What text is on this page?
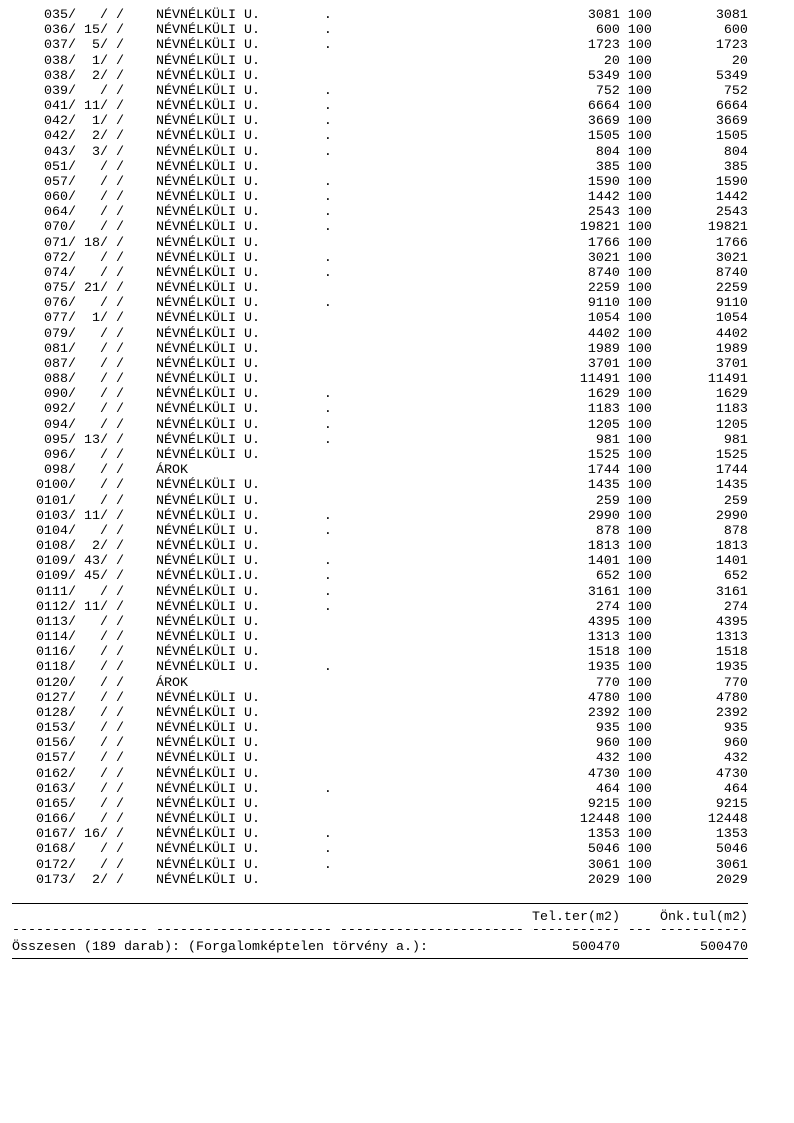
035/   / /    NÉVNÉLKÜLI U.        .                                3081 100        3081
036/ 15/ /    NÉVNÉLKÜLI U.        .                                 600 100         600
037/  5/ /    NÉVNÉLKÜLI U.        .                                1723 100        1723
038/  1/ /    NÉVNÉLKÜLI U.                                           20 100          20
038/  2/ /    NÉVNÉLKÜLI U.                                         5349 100        5349
039/   / /    NÉVNÉLKÜLI U.        .                                 752 100         752
041/ 11/ /    NÉVNÉLKÜLI U.        .                                6664 100        6664
042/  1/ /    NÉVNÉLKÜLI U.        .                                3669 100        3669
042/  2/ /    NÉVNÉLKÜLI U.        .                                1505 100        1505
043/  3/ /    NÉVNÉLKÜLI U.        .                                 804 100         804
051/   / /    NÉVNÉLKÜLI U.                                          385 100         385
057/   / /    NÉVNÉLKÜLI U.        .                                1590 100        1590
060/   / /    NÉVNÉLKÜLI U.        .                                1442 100        1442
064/   / /    NÉVNÉLKÜLI U.        .                                2543 100        2543
070/   / /    NÉVNÉLKÜLI U.        .                               19821 100       19821
071/ 18/ /    NÉVNÉLKÜLI U.                                         1766 100        1766
072/   / /    NÉVNÉLKÜLI U.        .                                3021 100        3021
074/   / /    NÉVNÉLKÜLI U.        .                                8740 100        8740
075/ 21/ /    NÉVNÉLKÜLI U.                                         2259 100        2259
076/   / /    NÉVNÉLKÜLI U.        .                                9110 100        9110
077/  1/ /    NÉVNÉLKÜLI U.                                         1054 100        1054
079/   / /    NÉVNÉLKÜLI U.                                         4402 100        4402
081/   / /    NÉVNÉLKÜLI U.                                         1989 100        1989
087/   / /    NÉVNÉLKÜLI U.                                         3701 100        3701
088/   / /    NÉVNÉLKÜLI U.                                        11491 100       11491
090/   / /    NÉVNÉLKÜLI U.        .                                1629 100        1629
092/   / /    NÉVNÉLKÜLI U.        .                                1183 100        1183
094/   / /    NÉVNÉLKÜLI U.        .                                1205 100        1205
095/ 13/ /    NÉVNÉLKÜLI U.        .                                 981 100         981
096/   / /    NÉVNÉLKÜLI U.                                         1525 100        1525
098/   / /    ÁROK                                                  1744 100        1744
0100/   / /    NÉVNÉLKÜLI U.                                         1435 100        1435
0101/   / /    NÉVNÉLKÜLI U.                                          259 100         259
0103/ 11/ /    NÉVNÉLKÜLI U.        .                                2990 100        2990
0104/   / /    NÉVNÉLKÜLI U.        .                                 878 100         878
0108/  2/ /    NÉVNÉLKÜLI U.                                         1813 100        1813
0109/ 43/ /    NÉVNÉLKÜLI U.        .                                1401 100        1401
0109/ 45/ /    NÉVNÉLKÜLI.U.        .                                 652 100         652
0111/   / /    NÉVNÉLKÜLI U.        .                                3161 100        3161
0112/ 11/ /    NÉVNÉLKÜLI U.        .                                 274 100         274
0113/   / /    NÉVNÉLKÜLI U.                                         4395 100        4395
0114/   / /    NÉVNÉLKÜLI U.                                         1313 100        1313
0116/   / /    NÉVNÉLKÜLI U.                                         1518 100        1518
0118/   / /    NÉVNÉLKÜLI U.        .                                1935 100        1935
0120/   / /    ÁROK                                                   770 100         770
0127/   / /    NÉVNÉLKÜLI U.                                         4780 100        4780
0128/   / /    NÉVNÉLKÜLI U.                                         2392 100        2392
0153/   / /    NÉVNÉLKÜLI U.                                          935 100         935
0156/   / /    NÉVNÉLKÜLI U.                                          960 100         960
0157/   / /    NÉVNÉLKÜLI U.                                          432 100         432
0162/   / /    NÉVNÉLKÜLI U.                                         4730 100        4730
0163/   / /    NÉVNÉLKÜLI U.        .                                 464 100         464
0165/   / /    NÉVNÉLKÜLI U.                                         9215 100        9215
0166/   / /    NÉVNÉLKÜLI U.                                        12448 100       12448
0167/ 16/ /    NÉVNÉLKÜLI U.        .                                1353 100        1353
0168/   / /    NÉVNÉLKÜLI U.        .                                5046 100        5046
0172/   / /    NÉVNÉLKÜLI U.        .                                3061 100        3061
0173/  2/ /    NÉVNÉLKÜLI U.                                         2029 100        2029
Tel.ter(m2)	Önk.tul(m2)
----------------- ---------------------- ----------------------- ----------- --- -----------
Összesen (189 darab): (Forgalomképtelen törvény a.):	500470	500470
